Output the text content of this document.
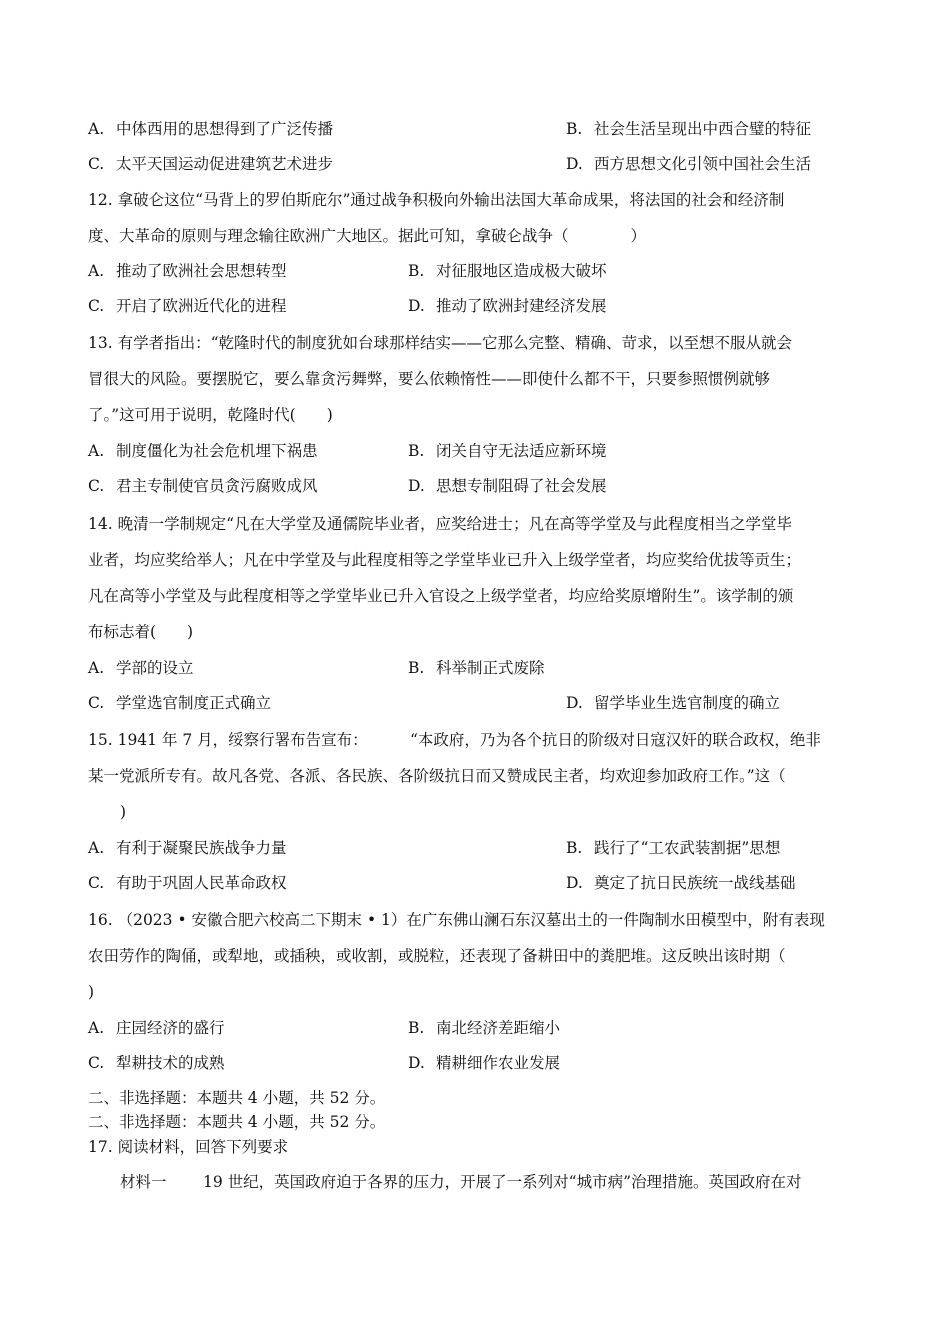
A. 中体西用的思想得到了广泛传播	B. 社会生活呈现出中西合璧的特征
C. 太平天国运动促进建筑艺术进步	D. 西方思想文化引领中国社会生活
12. 拿破仑这位“马背上的罗伯斯庇尔”通过战争积极向外输出法国大革命成果，将法国的社会和经济制
度、大革命的原则与理念输往欧洲广大地区。据此可知，拿破仑战争（　　　　）
A. 推动了欧洲社会思想转型	B. 对征服地区造成极大破坏
C. 开启了欧洲近代化的进程	D. 推动了欧洲封建经济发展
13. 有学者指出：“乾隆时代的制度犹如台球那样结实——它那么完整、精确、苛求，以至想不服从就会
冒很大的风险。要摆脱它，要么靠贪污舞弊，要么依赖惰性——即使什么都不干，只要参照惯例就够
了。”这可用于说明，乾隆时代(　　)
A. 制度僵化为社会危机埋下祸患	B. 闭关自守无法适应新环境
C. 君主专制使官员贪污腐败成风	D. 思想专制阻碍了社会发展
14. 晚清一学制规定“凡在大学堂及通儒院毕业者，应奖给进士；凡在高等学堂及与此程度相当之学堂毕
业者，均应奖给举人；凡在中学堂及与此程度相等之学堂毕业已升入上级学堂者，均应奖给优拔等贡生；
凡在高等小学堂及与此程度相等之学堂毕业已升入官设之上级学堂者，均应给奖原增附生”。该学制的颁
布标志着(　　)
A. 学部的设立	B. 科举制正式废除
C. 学堂选官制度正式确立	D. 留学毕业生选官制度的确立
15. 1941 年 7 月，绥察行署布告宣布：	“本政府，乃为各个抗日的阶级对日寇汉奸的联合政权，绝非
某一党派所专有。故凡各党、各派、各民族、各阶级抗日而又赞成民主者，均欢迎参加政府工作。”这（
)
A. 有利于凝聚民族战争力量	B. 践行了“工农武装割据”思想
C. 有助于巩固人民革命政权	D. 奠定了抗日民族统一战线基础
16. （2023 • 安徽合肥六校高二下期末 • 1）在广东佛山澜石东汉墓出土的一件陶制水田模型中，附有表现
农田劳作的陶俑，或犁地，或插秧，或收割，或脱粒，还表现了备耕田中的粪肥堆。这反映出该时期（
)
A. 庄园经济的盛行	B. 南北经济差距缩小
C. 犁耕技术的成熟	D. 精耕细作农业发展
二、非选择题：本题共 4 小题，共 52 分。
二、非选择题：本题共 4 小题，共 52 分。
17. 阅读材料，回答下列要求
材料一 19 世纪，英国政府迫于各界的压力，开展了一系列对“城市病”治理措施。英国政府在对
